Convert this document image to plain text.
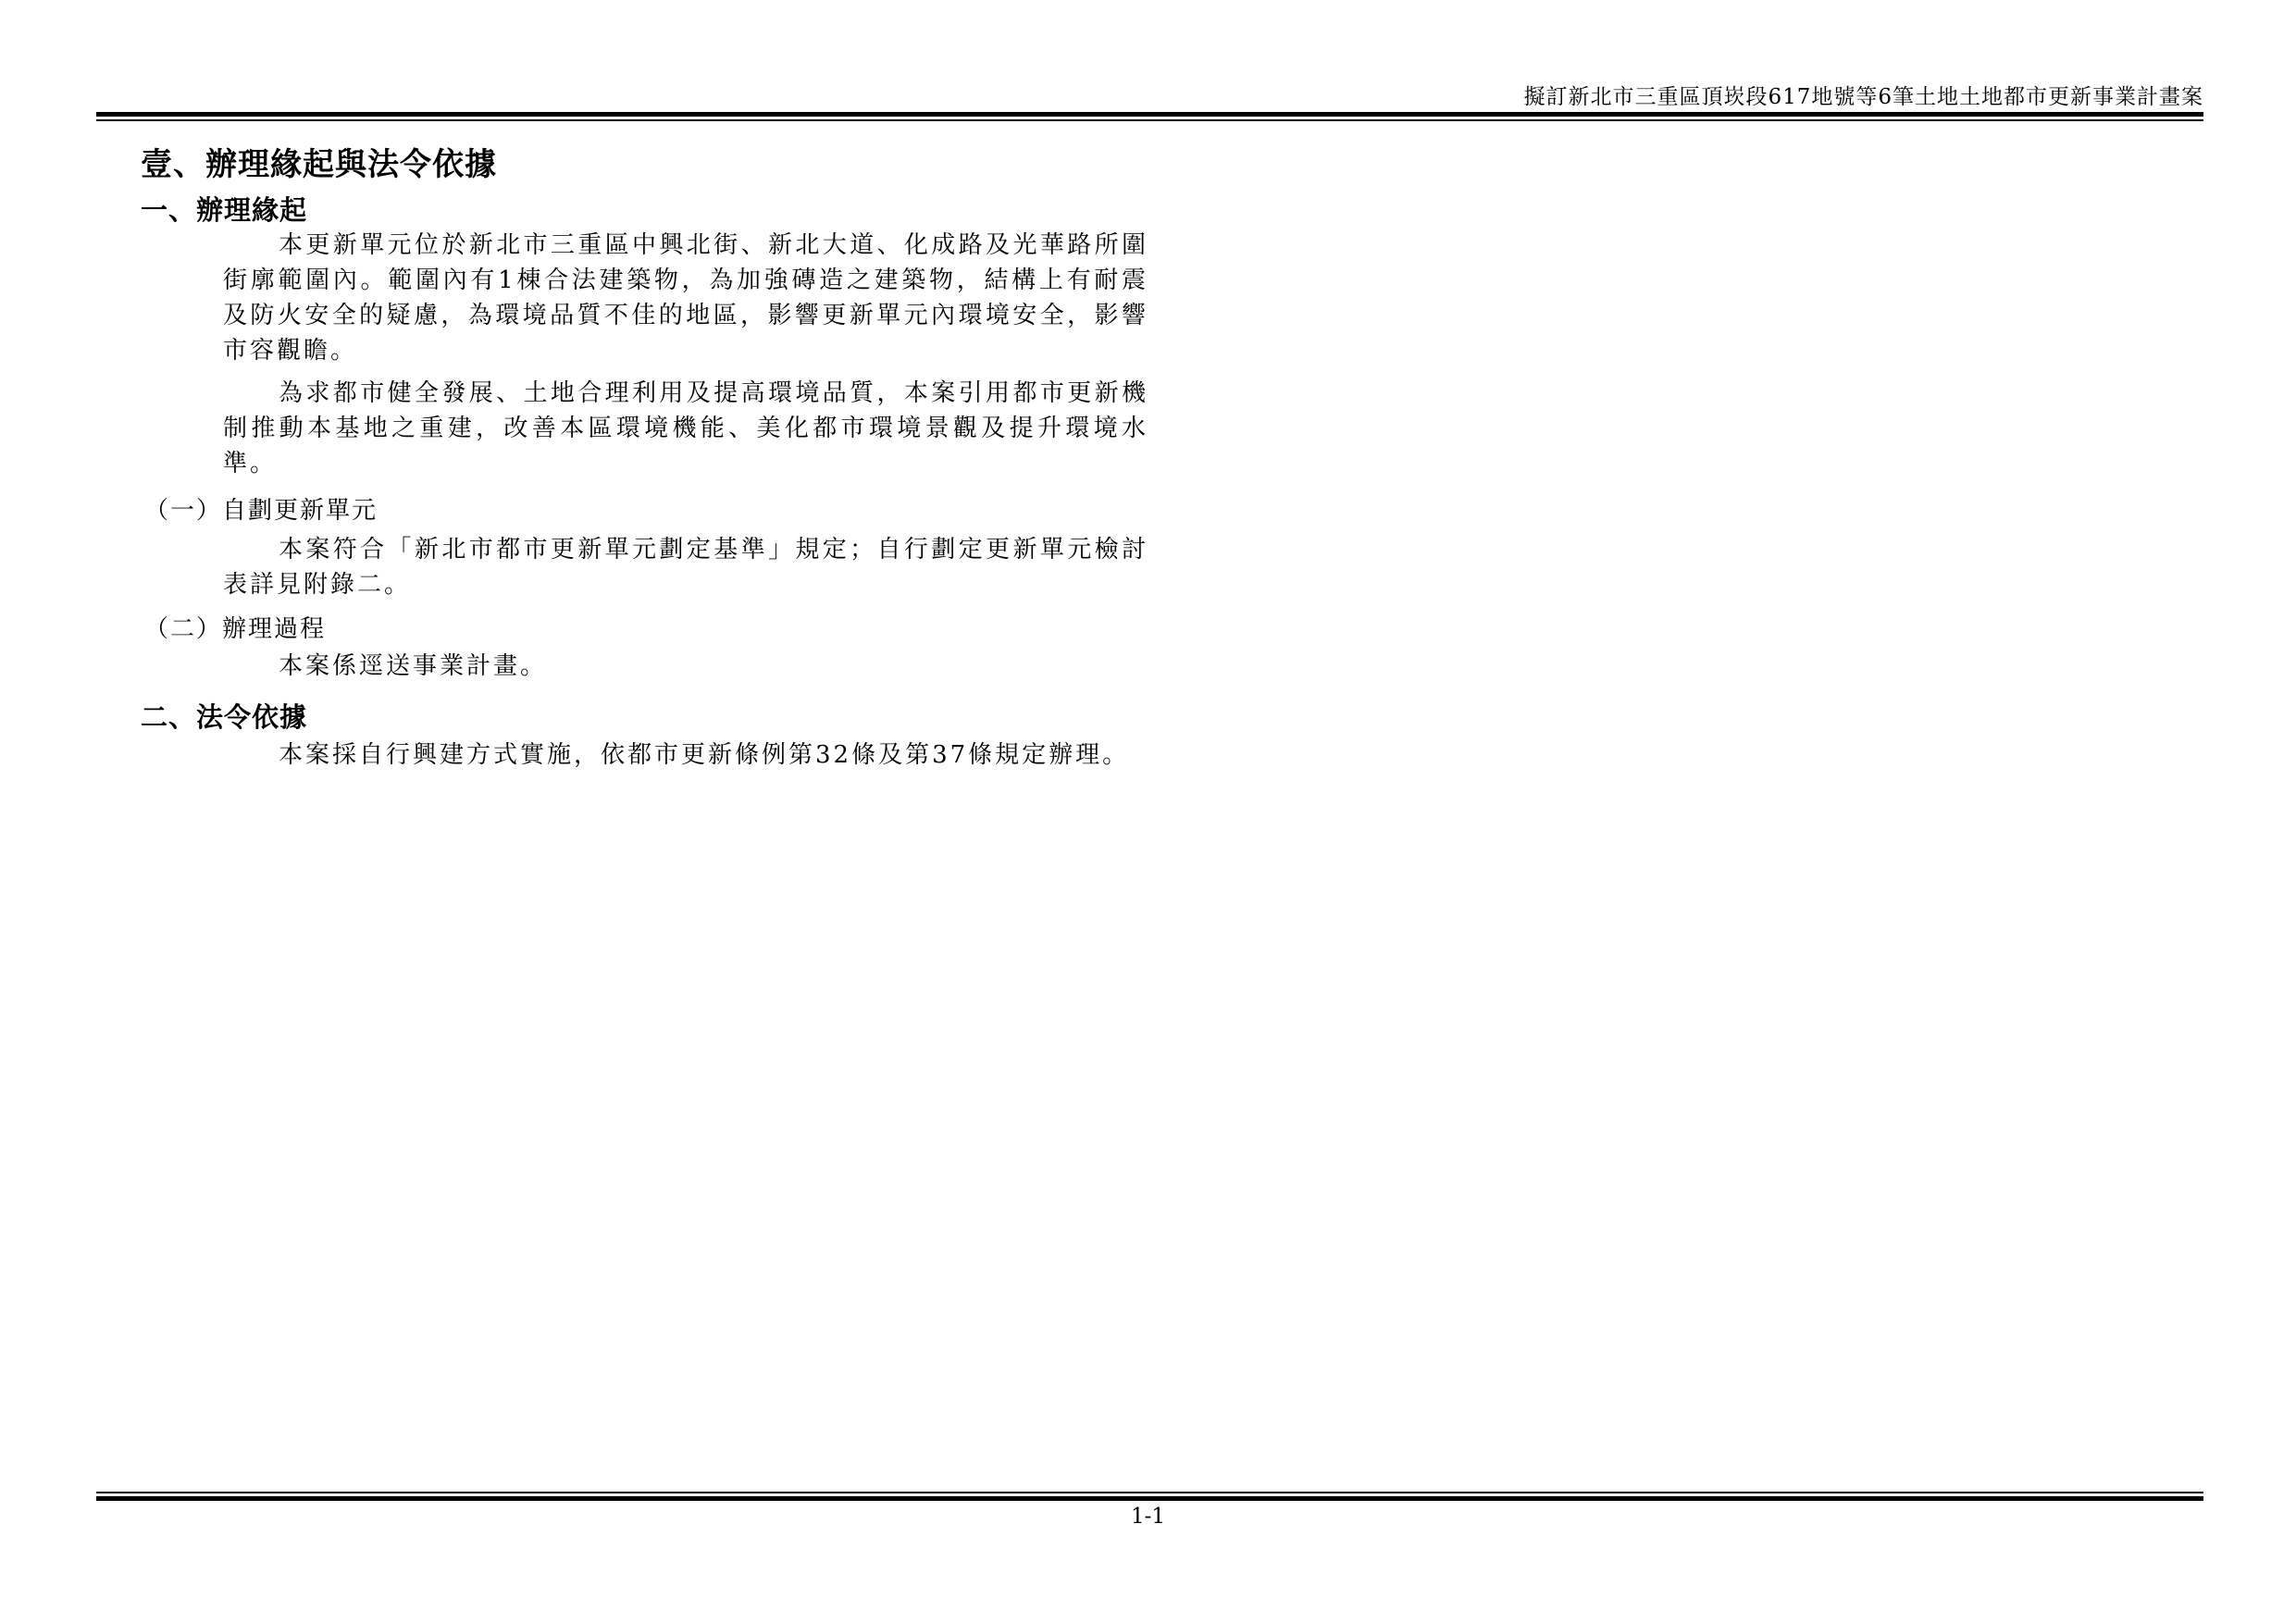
擬訂新北市三重區頂崁段617地號等6筆土地土地都市更新事業計畫案
壹、辦理緣起與法令依據
一、辦理緣起

本更新單元位於新北市三重區中興北街、新北大道、化成路及光華路所圍街廓範圍內。範圍內有1棟合法建築物，為加強磚造之建築物，結構上有耐震及防火安全的疑慮，為環境品質不佳的地區，影響更新單元內環境安全，影響市容觀瞻。

為求都市健全發展、土地合理利用及提高環境品質，本案引用都市更新機制推動本基地之重建，改善本區環境機能、美化都市環境景觀及提升環境水準。

（一）自劃更新單元

本案符合「新北市都市更新單元劃定基準」規定；自行劃定更新單元檢討表詳見附錄二。

（二）辦理過程

本案係逕送事業計畫。

二、法令依據

本案採自行興建方式實施，依都市更新條例第32條及第37條規定辦理。

1-1
